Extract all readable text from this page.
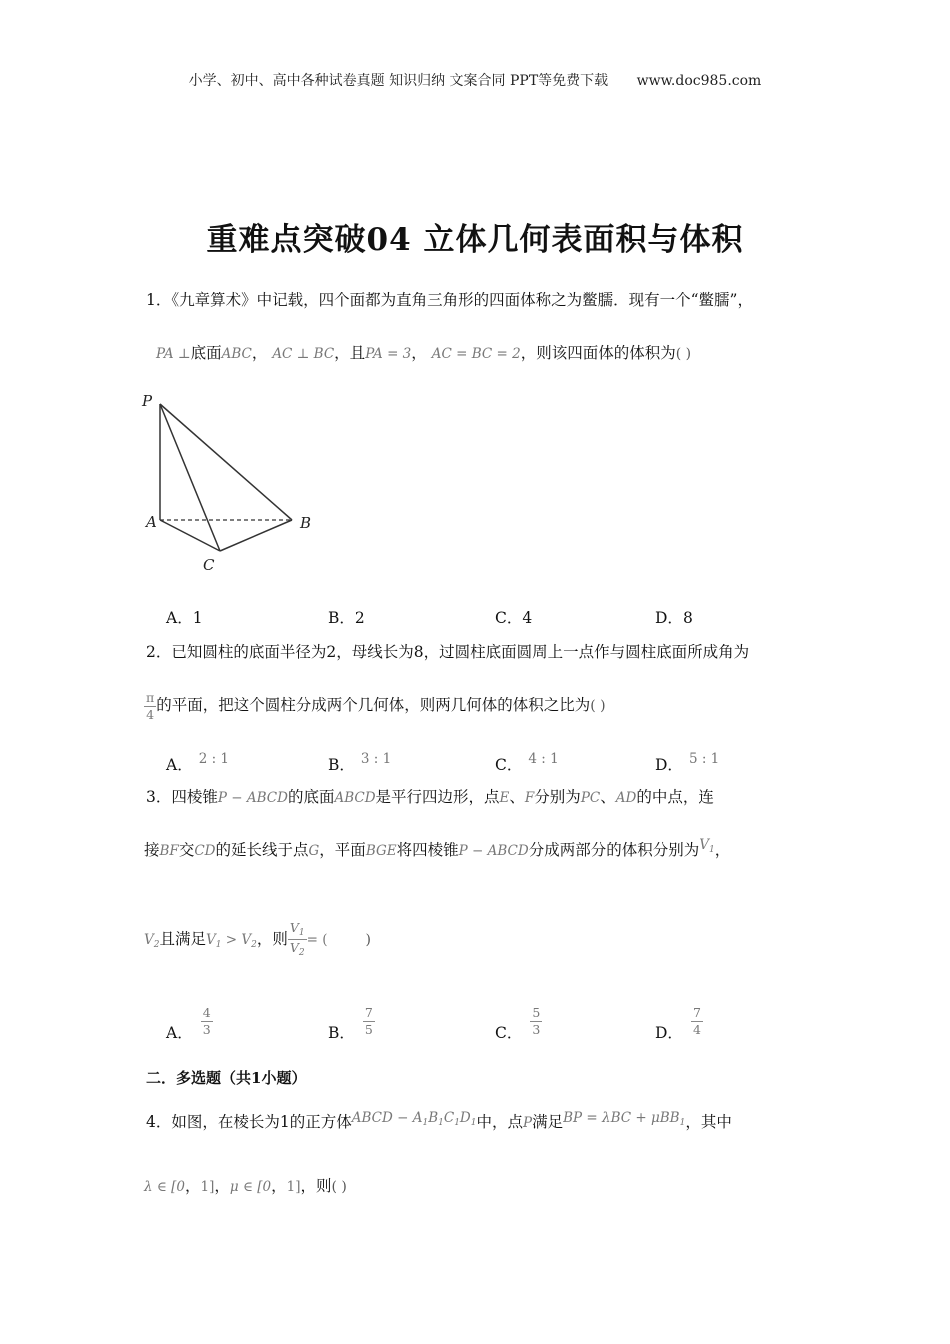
小学、初中、高中各种试卷真题 知识归纳 文案合同 PPT等免费下载 www.doc985.com
重难点突破04 立体几何表面积与体积
1．《九章算术》中记载，四个面都为直角三角形的四面体称之为鳖臑．现有一个“鳖臑”，
PA ⊥底面ABC， AC ⊥ BC，且PA = 3， AC = BC = 2，则该四面体的体积为( )
P
A	B
C
A．1	B．2	C．4	D．8
2．已知圆柱的底面半径为2，母线长为8，过圆柱底面圆周上一点作与圆柱底面所成角为
$\frac{\pi}{4}$ 的平面，把这个圆柱分成两个几何体，则两几何体的体积之比为( )
A． 2 : 1	B． 3 : 1	C． 4 : 1	D． 5 : 1
3．四棱锥P − ABCD的底面ABCD是平行四边形，点E、F分别为PC、AD的中点，连
接BF交CD的延长线于点G，平面BGE将四棱锥P − ABCD分成两部分的体积分别为$V_1$，
$V_2$且满足$V_1 > V_2$，则 $\frac{V_1}{V_2}$ = (	)
A． $\frac{4}{3}$	B． $\frac{7}{5}$	C． $\frac{5}{3}$	D． $\frac{7}{4}$
二．多选题（共1小题）
4．如图，在棱长为1的正方体ABCD − $A_1B_1C_1D_1$中，点P满足BP = λBC + μBB$_1$，其中
λ ∈ [0，1]，μ ∈ [0，1]，则( )
